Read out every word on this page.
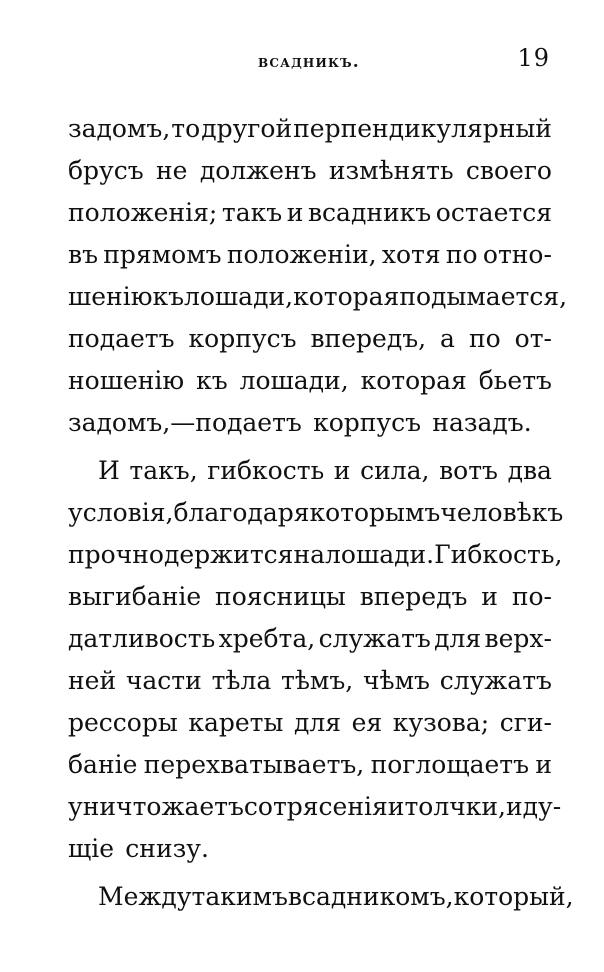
всадникъ.	19
задомъ, то другой перпендикулярный
брусъ не долженъ измѣнять своего
положенія; такъ и всадникъ остается
въ прямомъ положеніи, хотя по отно-
шенію къ лошади, которая подымается,
подаетъ корпусъ впередъ, а по от-
ношенію къ лошади, которая бьетъ
задомъ,—подаетъ корпусъ назадъ.
И такъ, гибкость и сила, вотъ два
условія, благодаря которымъ человѣкъ
прочно держится на лошади. Гибкость,
выгибаніе поясницы впередъ и по-
датливость хребта, служатъ для верх-
ней части тѣла тѣмъ, чѣмъ служатъ
рессоры кареты для ея кузова; сги-
баніе перехватываетъ, поглощаетъ и
уничтожаетъ сотрясенія и толчки, иду-
щіе снизу.
Между такимъ всадникомъ, который,
